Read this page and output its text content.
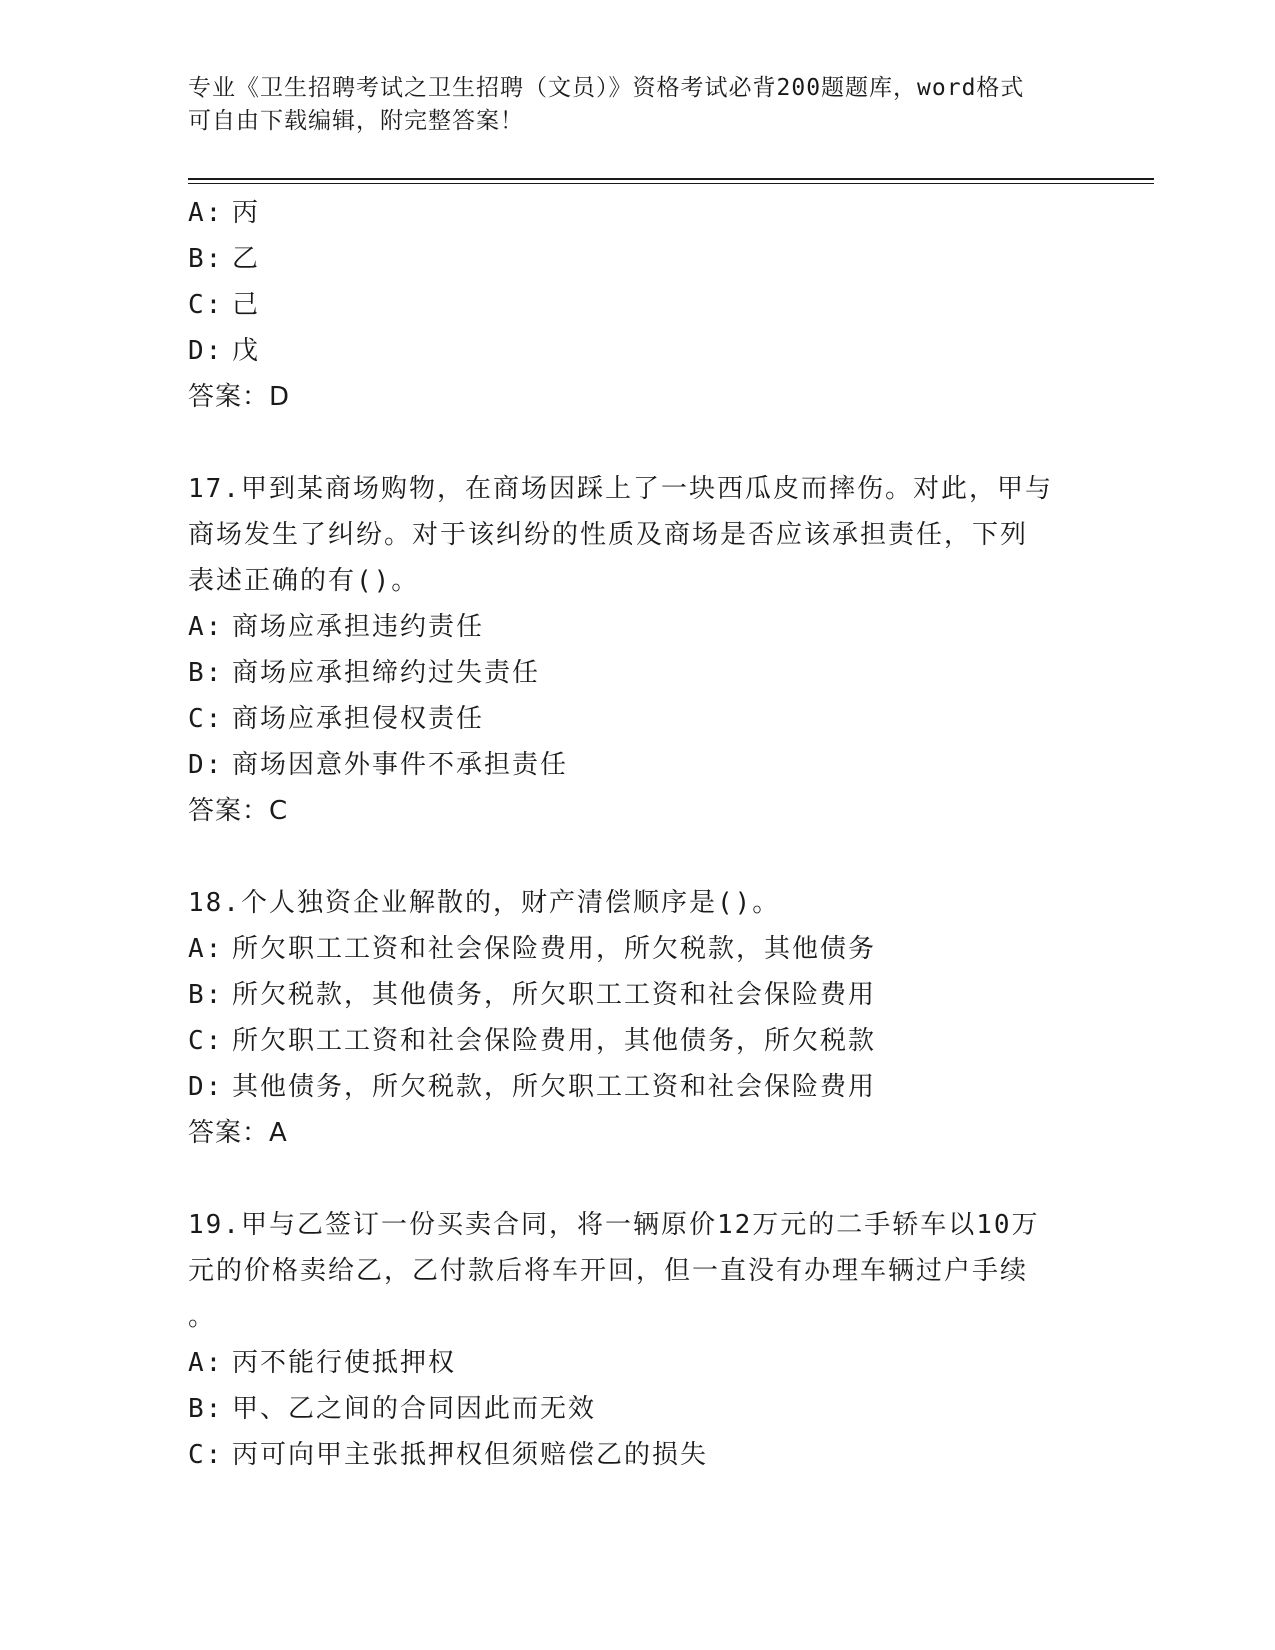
专业《卫生招聘考试之卫生招聘（文员）》资格考试必背200题题库，word格式
可自由下载编辑，附完整答案！
A: 丙
B: 乙
C: 己
D: 戊
答案：D
17.甲到某商场购物，在商场因踩上了一块西瓜皮而摔伤。对此，甲与
商场发生了纠纷。对于该纠纷的性质及商场是否应该承担责任，下列
表述正确的有()。
A: 商场应承担违约责任
B: 商场应承担缔约过失责任
C: 商场应承担侵权责任
D: 商场因意外事件不承担责任
答案：C
18.个人独资企业解散的，财产清偿顺序是()。
A: 所欠职工工资和社会保险费用，所欠税款，其他债务
B: 所欠税款，其他债务，所欠职工工资和社会保险费用
C: 所欠职工工资和社会保险费用，其他债务，所欠税款
D: 其他债务，所欠税款，所欠职工工资和社会保险费用
答案：A
19.甲与乙签订一份买卖合同，将一辆原价12万元的二手轿车以10万
元的价格卖给乙，乙付款后将车开回，但一直没有办理车辆过户手续
。
A: 丙不能行使抵押权
B: 甲、乙之间的合同因此而无效
C: 丙可向甲主张抵押权但须赔偿乙的损失
